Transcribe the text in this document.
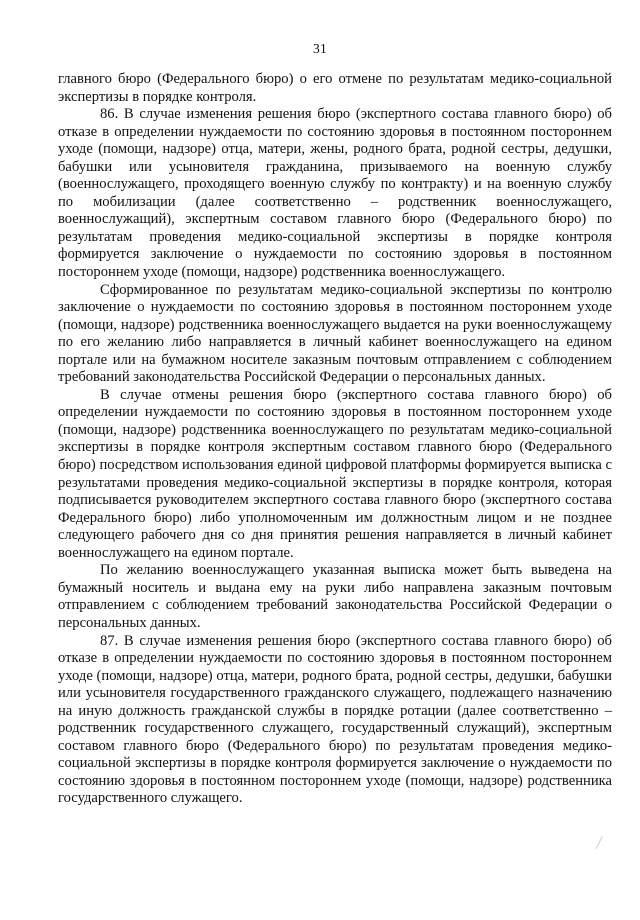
31

главного бюро (Федерального бюро) о его отмене по результатам медико-социальной экспертизы в порядке контроля.

86. В случае изменения решения бюро (экспертного состава главного бюро) об отказе в определении нуждаемости по состоянию здоровья в постоянном постороннем уходе (помощи, надзоре) отца, матери, жены, родного брата, родной сестры, дедушки, бабушки или усыновителя гражданина, призываемого на военную службу (военнослужащего, проходящего военную службу по контракту) и на военную службу по мобилизации (далее соответственно – родственник военнослужащего, военнослужащий), экспертным составом главного бюро (Федерального бюро) по результатам проведения медико-социальной экспертизы в порядке контроля формируется заключение о нуждаемости по состоянию здоровья в постоянном постороннем уходе (помощи, надзоре) родственника военнослужащего.

Сформированное по результатам медико-социальной экспертизы по контролю заключение о нуждаемости по состоянию здоровья в постоянном постороннем уходе (помощи, надзоре) родственника военнослужащего выдается на руки военнослужащему по его желанию либо направляется в личный кабинет военнослужащего на едином портале или на бумажном носителе заказным почтовым отправлением с соблюдением требований законодательства Российской Федерации о персональных данных.

В случае отмены решения бюро (экспертного состава главного бюро) об определении нуждаемости по состоянию здоровья в постоянном постороннем уходе (помощи, надзоре) родственника военнослужащего по результатам медико-социальной экспертизы в порядке контроля экспертным составом главного бюро (Федерального бюро) посредством использования единой цифровой платформы формируется выписка с результатами проведения медико-социальной экспертизы в порядке контроля, которая подписывается руководителем экспертного состава главного бюро (экспертного состава Федерального бюро) либо уполномоченным им должностным лицом и не позднее следующего рабочего дня со дня принятия решения направляется в личный кабинет военнослужащего на едином портале.

По желанию военнослужащего указанная выписка может быть выведена на бумажный носитель и выдана ему на руки либо направлена заказным почтовым отправлением с соблюдением требований законодательства Российской Федерации о персональных данных.

87. В случае изменения решения бюро (экспертного состава главного бюро) об отказе в определении нуждаемости по состоянию здоровья в постоянном постороннем уходе (помощи, надзоре) отца, матери, родного брата, родной сестры, дедушки, бабушки или усыновителя государственного гражданского служащего, подлежащего назначению на иную должность гражданской службы в порядке ротации (далее соответственно – родственник государственного служащего, государственный служащий), экспертным составом главного бюро (Федерального бюро) по результатам проведения медико-социальной экспертизы в порядке контроля формируется заключение о нуждаемости по состоянию здоровья в постоянном постороннем уходе (помощи, надзоре) родственника государственного служащего.
